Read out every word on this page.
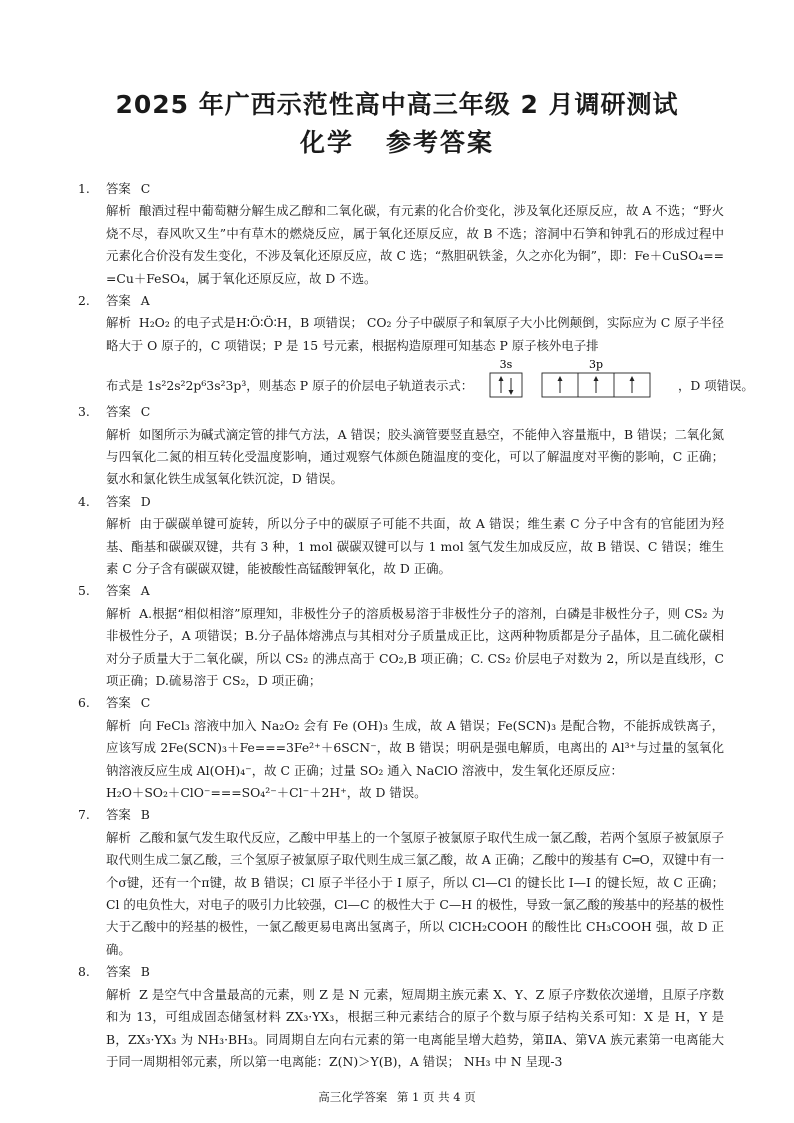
2025 年广西示范性高中高三年级 2 月调研测试
化学 参考答案
1.	答案 C
解析 酿酒过程中葡萄糖分解生成乙醇和二氧化碳，有元素的化合价变化，涉及氧化还原反应，故 A 不选；“野火烧不尽，春风吹又生”中有草木的燃烧反应，属于氧化还原反应，故 B 不选；溶洞中石笋和钟乳石的形成过程中元素化合价没有发生变化，不涉及氧化还原反应，故 C 选；“熬胆矾铁釜，久之亦化为铜”，即：Fe＋CuSO₄===Cu＋FeSO₄，属于氧化还原反应，故 D 不选。
2.	答案 A
解析 H₂O₂ 的电子式是H∶Ö∶Ö∶H，B 项错误； CO₂ 分子中碳原子和氧原子大小比例颠倒，实际应为 C 原子半径略大于 O 原子的，C 项错误；P 是 15 号元素，根据构造原理可知基态 P 原子核外电子排
布式是 1s²2s²2p⁶3s²3p³，则基态 P 原子的价层电子轨道表示式：
3s	3p
，D 项错误。
3.	答案 C
解析 如图所示为碱式滴定管的排气方法，A 错误；胶头滴管要竖直悬空，不能伸入容量瓶中，B 错误；二氧化氮与四氧化二氮的相互转化受温度影响，通过观察气体颜色随温度的变化，可以了解温度对平衡的影响，C 正确；氨水和氯化铁生成氢氧化铁沉淀，D 错误。
4.	答案 D
解析 由于碳碳单键可旋转，所以分子中的碳原子可能不共面，故 A 错误；维生素 C 分子中含有的官能团为羟基、酯基和碳碳双键，共有 3 种，1 mol 碳碳双键可以与 1 mol 氢气发生加成反应，故 B 错误、C 错误；维生素 C 分子含有碳碳双键，能被酸性高锰酸钾氧化，故 D 正确。
5.	答案 A
解析 A.根据“相似相溶”原理知，非极性分子的溶质极易溶于非极性分子的溶剂，白磷是非极性分子，则 CS₂ 为非极性分子，A 项错误；B.分子晶体熔沸点与其相对分子质量成正比，这两种物质都是分子晶体，且二硫化碳相对分子质量大于二氧化碳，所以 CS₂ 的沸点高于 CO₂,B 项正确；C. CS₂ 价层电子对数为 2，所以是直线形，C 项正确；D.硫易溶于 CS₂，D 项正确；
6.	答案 C
解析 向 FeCl₃ 溶液中加入 Na₂O₂ 会有 Fe (OH)₃ 生成，故 A 错误；Fe(SCN)₃ 是配合物，不能拆成铁离子，应该写成 2Fe(SCN)₃＋Fe===3Fe²⁺＋6SCN⁻，故 B 错误；明矾是强电解质，电离出的 Al³⁺与过量的氢氧化钠溶液反应生成 Al(OH)₄⁻，故 C 正确；过量 SO₂ 通入 NaClO 溶液中，发生氧化还原反应：
H₂O＋SO₂＋ClO⁻===SO₄²⁻＋Cl⁻＋2H⁺，故 D 错误。
7.	答案 B
解析 乙酸和氯气发生取代反应，乙酸中甲基上的一个氢原子被氯原子取代生成一氯乙酸，若两个氢原子被氯原子取代则生成二氯乙酸，三个氢原子被氯原子取代则生成三氯乙酸，故 A 正确；乙酸中的羧基有 C═O，双键中有一个σ键，还有一个π键，故 B 错误；Cl 原子半径小于 I 原子，所以 Cl—Cl 的键长比 I—I 的键长短，故 C 正确；Cl 的电负性大，对电子的吸引力比较强，Cl—C 的极性大于 C—H 的极性，导致一氯乙酸的羧基中的羟基的极性大于乙酸中的羟基的极性，一氯乙酸更易电离出氢离子，所以 ClCH₂COOH 的酸性比 CH₃COOH 强，故 D 正确。
8.	答案 B
解析 Z 是空气中含量最高的元素，则 Z 是 N 元素，短周期主族元素 X、Y、Z 原子序数依次递增，且原子序数和为 13，可组成固态储氢材料 ZX₃·YX₃，根据三种元素结合的原子个数与原子结构关系可知：X 是 H，Y 是 B，ZX₃·YX₃ 为 NH₃·BH₃。同周期自左向右元素的第一电离能呈增大趋势，第ⅡA、第ⅤA 族元素第一电离能大于同一周期相邻元素，所以第一电离能：Z(N)＞Y(B)，A 错误； NH₃ 中 N 呈现-3
高三化学答案 第 1 页 共 4 页
